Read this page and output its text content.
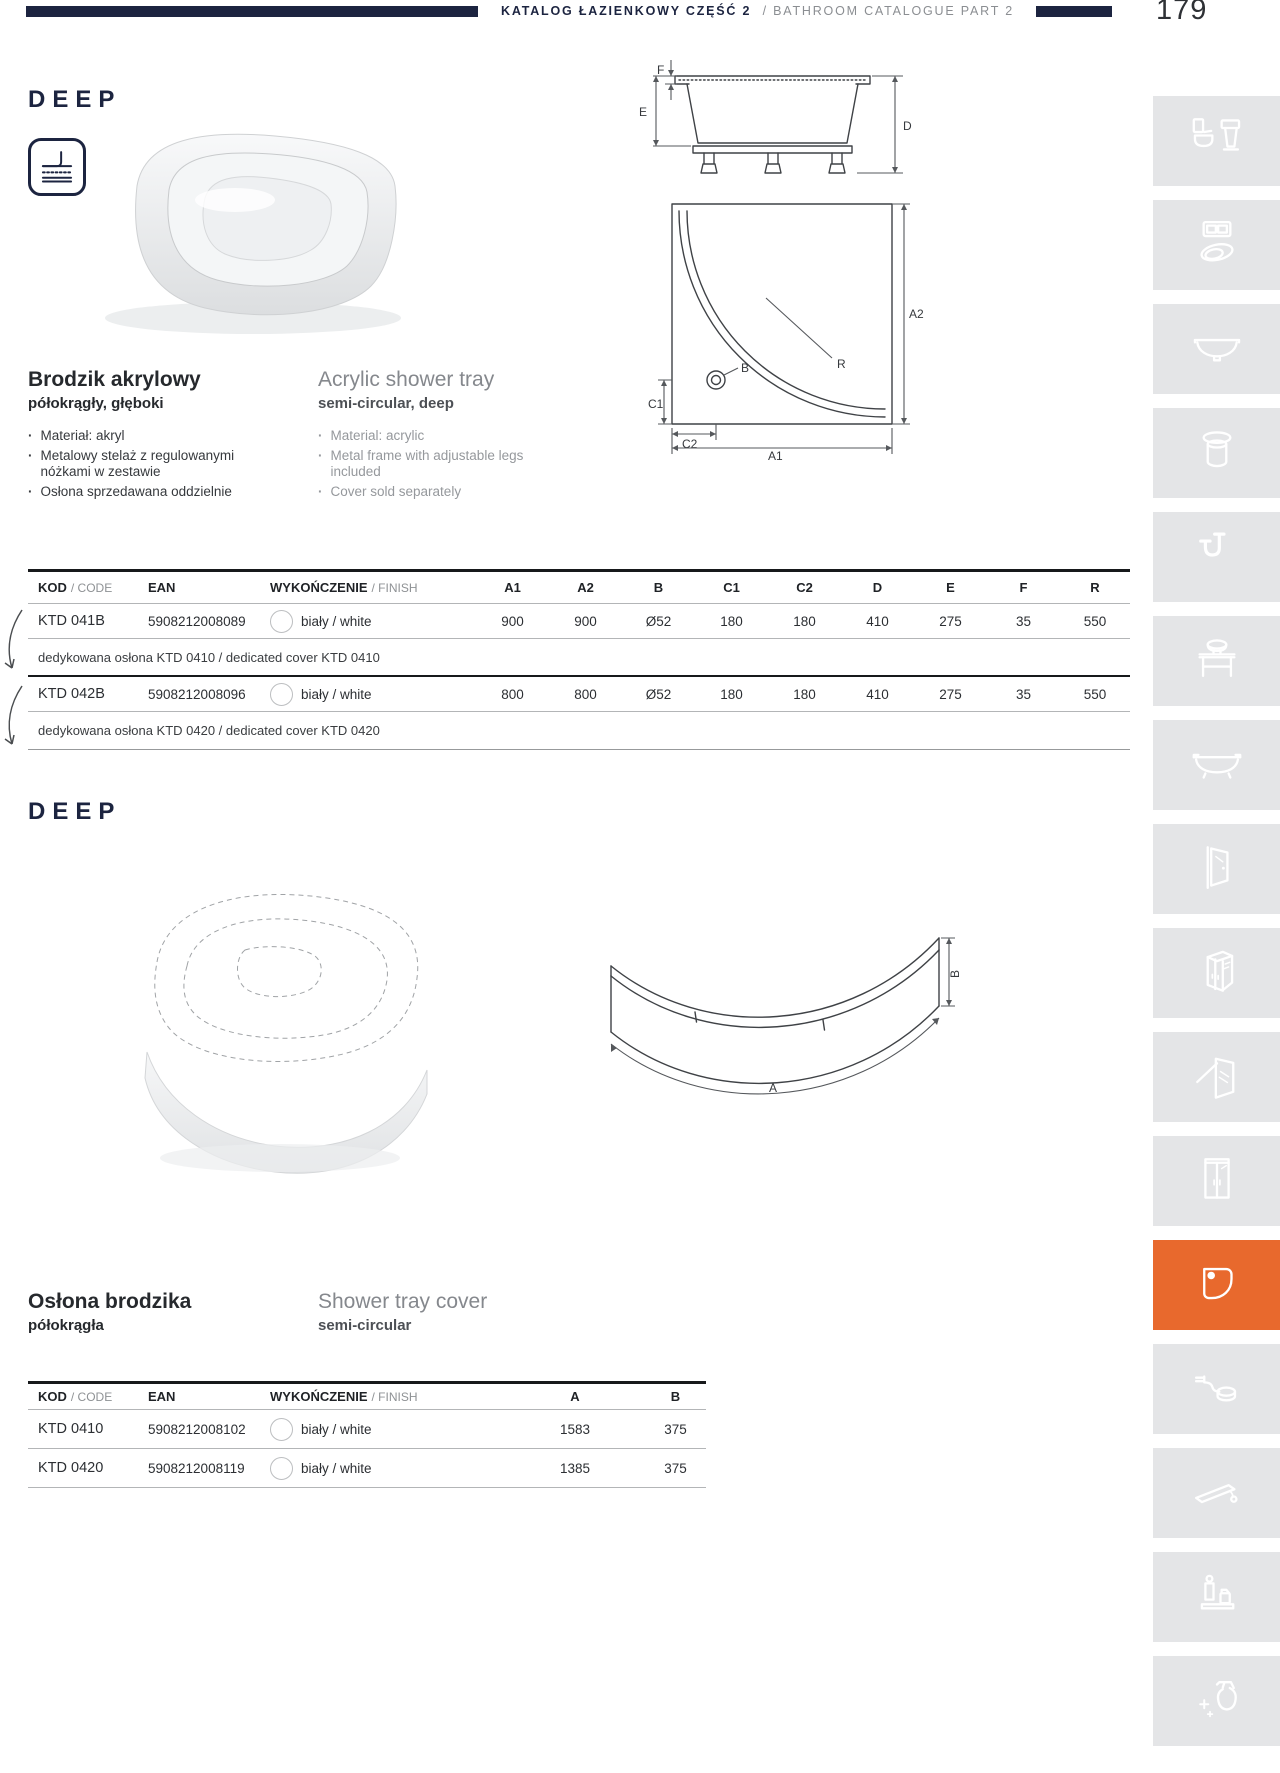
KATALOG ŁAZIENKOWY CZĘŚĆ 2 / BATHROOM CATALOGUE PART 2	179
DEEP	E
F
D
B	R
C1
C2
A1
A2
Brodzik akrylowy
półokrągły, głęboki
· Materiał: akryl
· Metalowy stelaż z regulowanymi nóżkami w zestawie
· Osłona sprzedawana oddzielnie
Acrylic shower tray
semi-circular, deep
· Material: acrylic
· Metal frame with adjustable legs included
· Cover sold separately
KOD / CODE	EAN	WYKOŃCZENIE / FINISH	A1	A2	B	C1	C2	D	E	F	R
KTD 041B	5908212008089	biały / white	900	900	Ø52	180	180	410	275	35	550
dedykowana osłona KTD 0410 / dedicated cover KTD 0410
KTD 042B	5908212008096	biały / white	800	800	Ø52	180	180	410	275	35	550
dedykowana osłona KTD 0420 / dedicated cover KTD 0420
DEEP
B
A
Osłona brodzika
półokrągła
Shower tray cover
semi-circular
KOD / CODE	EAN	WYKOŃCZENIE / FINISH	A	B
KTD 0410	5908212008102	biały / white	1583	375
KTD 0420	5908212008119	biały / white	1385	375
